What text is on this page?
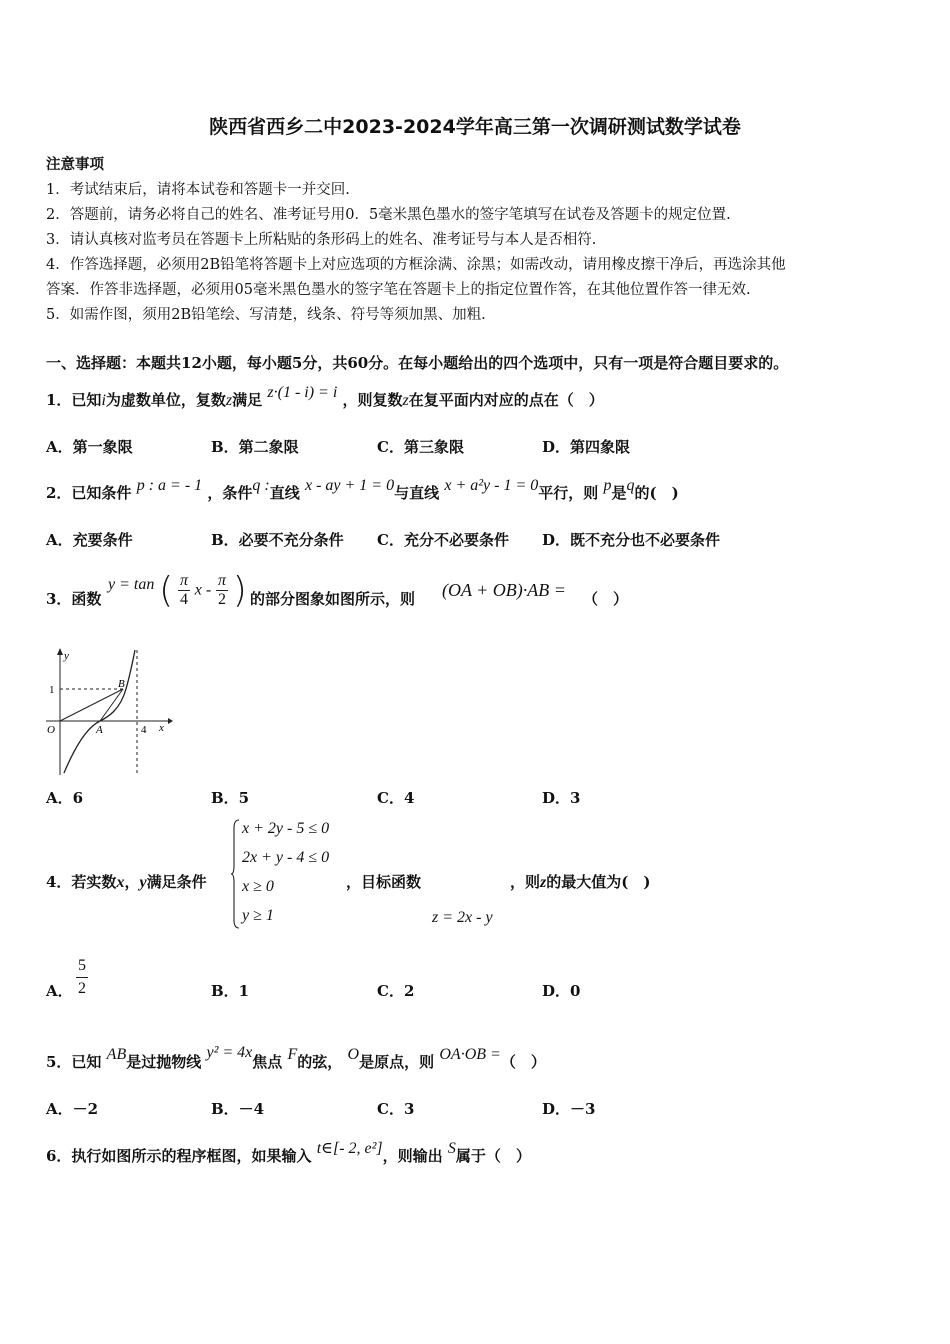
陕西省西乡二中2023-2024学年高三第一次调研测试数学试卷
注意事项
1．考试结束后，请将本试卷和答题卡一并交回.
2．答题前，请务必将自己的姓名、准考证号用0．5毫米黑色墨水的签字笔填写在试卷及答题卡的规定位置.
3．请认真核对监考员在答题卡上所粘贴的条形码上的姓名、准考证号与本人是否相符.
4．作答选择题，必须用2B铅笔将答题卡上对应选项的方框涂满、涂黑；如需改动，请用橡皮擦干净后，再选涂其他
答案．作答非选择题，必须用05毫米黑色墨水的签字笔在答题卡上的指定位置作答，在其他位置作答一律无效.
5．如需作图，须用2B铅笔绘、写清楚，线条、符号等须加黑、加粗.
一、选择题：本题共12小题，每小题5分，共60分。在每小题给出的四个选项中，只有一项是符合题目要求的。
1．已知i为虚数单位，复数z满足 z·(1 - i) = i ，则复数z在复平面内对应的点在（　）
A．第一象限	B．第二象限	C．第三象限	D．第四象限
2．已知条件 p : a = - 1 ，条件q :直线 x - ay + 1 = 0与直线 x + a²y - 1 = 0平行，则 p是q的(　)
A．充要条件	B．必要不充分条件 C．充分不必要条件 D．既不充分也不必要条件
3．函数
y = tan ( $\frac{\pi}{4}$ x - $\frac{\pi}{2}$ ) 的部分图象如图所示，则 (OA + OB)·AB = （　）
y
1	B
O	A	4 x
A．6	B．5	C．4	D．3
4．若实数x，y满足条件
x + 2y - 5 ≤ 0
2x + y - 4 ≤ 0
x ≥ 0
y ≥ 1
，目标函数	，则z的最大值为(　)
z = 2x - y
A． $\frac{5}{2}$	B．1	C．2	D．0
5．已知 AB是过抛物线 y² = 4x焦点 F的弦， O是原点，则 OA·OB =（　）
A．－2	B．－4	C．3	D．－3
6．执行如图所示的程序框图，如果输入 t∈[- 2, e²]，则输出 S属于（　）
